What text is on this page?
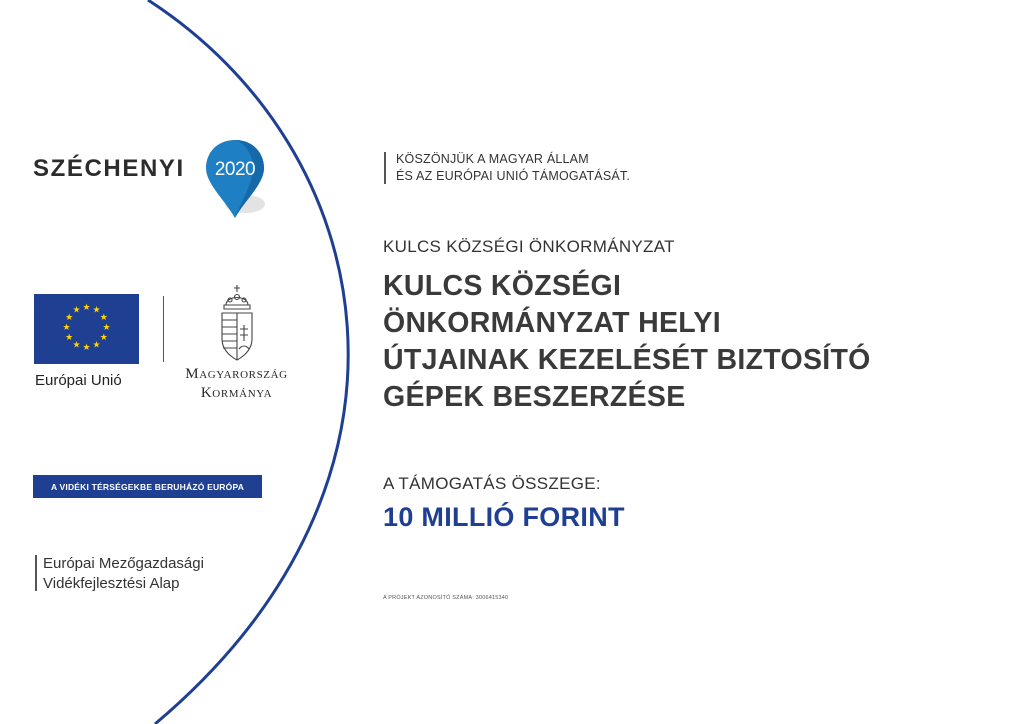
SZÉCHENYI 2020
★ ★
★
★
★
★
★
★
★
★
★
★
Európai Unió	Magyarország
Kormánya
A VIDÉKI TÉRSÉGEKBE BERUHÁZÓ EURÓPA
Európai Mezőgazdasági
Vidékfejlesztési Alap
KÖSZÖNJÜK A MAGYAR ÁLLAM
ÉS AZ EURÓPAI UNIÓ TÁMOGATÁSÁT.
KULCS KÖZSÉGI ÖNKORMÁNYZAT
KULCS KÖZSÉGI
ÖNKORMÁNYZAT HELYI
ÚTJAINAK KEZELÉSÉT BIZTOSÍTÓ
GÉPEK BESZERZÉSE
A TÁMOGATÁS ÖSSZEGE:
10 MILLIÓ FORINT
A PROJEKT AZONOSÍTÓ SZÁMA: 3006415340
